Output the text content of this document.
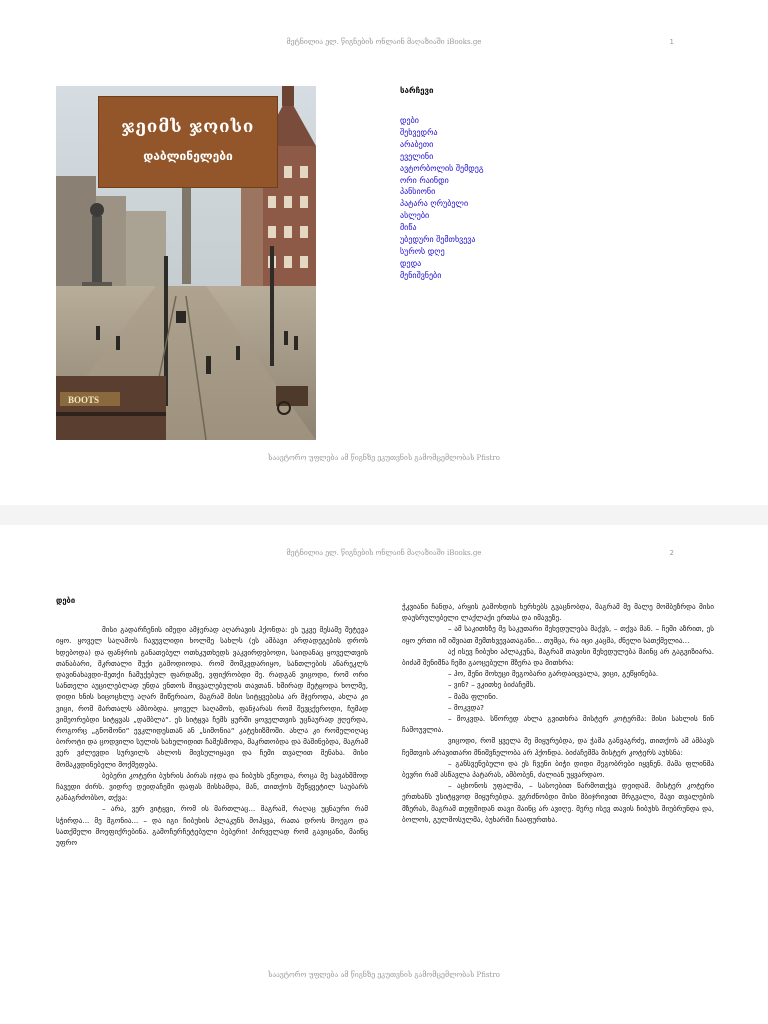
მეტნილია ელ. წიგნების ონლაინ მაღაზიაში iBooks.ge	1
BOOTS
ჯეიმს ჯოისი
დაბლინელები
სარჩევი
დები
შეხვედრა
არაბეთი
ეველინი
ავტორბოლის შემდეგ
ორი რაინდი
პანსიონი
პატარა ღრუბელი
ასლები
მიწა
უბედური შემთხვევა
სუროს დღე
დედა
მენიშვნები
საავტორო უფლება ამ წიგნზე ეკუთვნის გამომცემლობას Pfistro
მეტნილია ელ. წიგნების ონლაინ მაღაზიაში iBooks.ge	2
დები

მისი გადარჩენის იმედი ამჯერად აღარავის ჰქონდა: ეს უკვე მესამე შეტევა იყო. ყოველ საღამოს ჩავუვლიდი ხოლმე სახლს (ეს ამბავი არდადეგების დროს ხდებოდა) და ფანჯრის განათებულ ოთხკუთხედს ვაკვირდებოდი, საიდანაც ყოველთვის თანაბარი, მკრთალი შუქი გამოდიოდა. რომ მომკვდარიყო, სანთლების ანარეკლს დავინახავდი-მეთქი ჩამუქებულ ფარდაზე, ვფიქრობდი მე. რადგან ვიცოდი, რომ ორი სანთელი აუცილებლად უნდა ენთოს მიცვალებულის თავთან. ხშირად მეტყოდა ხოლმე, დიდი ხნის სიცოცხლე აღარ მიწერიაო, მაგრამ მისი სიტყვებისა არ მჯეროდა, ახლა კი ვიცი, რომ მართალს ამბობდა. ყოველ საღამოს, ფანჯარას რომ შევცქეროდი, ჩუმად ვიმეორებდი სიტყვას „დამბლა“. ეს სიტყვა ჩემს ყურში ყოველთვის უცნაურად ჟღერდა, როგორც „გნომონი“ ევკლიდესთან ან „სიმონია“ კატეხიზმოში. ახლა კი რომელიღაც ბოროტი და ცოდვილი სულის სახელიდით ჩამესმოდა, მაკრთობდა და მაშინებდა, მაგრამ ვერ ვძლევდი სურვილს ახლოს მივსულიყავი და ჩემი თვალით მენახა. მისი მომაკვდინებელი მოქმედება.

ბებერი კოტერი ბუხრის პირას იჯდა და ჩიბუხს ეწეოდა, როცა მე სავახშმოდ ჩავედი ძირს. ვიდრე დეიდაჩემი ფაფას მისხამდა, მან, თითქოს შეწყვეტილ საუბარს განაგრძობსო, თქვა:

– არა, ვერ ვიტყვი, რომ ის მართლაც... მაგრამ, რაღაც უცნაური რამ სჭირდა... მე მგონია... – და იგი ჩიბუხის პლაკუნს მოჰყვა, რათა დროს მოეგო და სათქმელი მოეფიქრებინა. გამოჩერჩეტებული ბებერი! პირველად რომ გავიცანი, მაინც უფრო

ჭკვიანი ჩანდა, არყის გამოხდის ხერხებს გვაცნობდა, მაგრამ მე მალე მომბეზრდა მისი დაუსრულებელი ლაქლაქი ერთსა და იმავეზე.

– ამ საკითხზე მე საკუთარი შეხედულება მაქვს, – თქვა მან. – ჩემი აზრით, ეს იყო ერთი იმ იშვიათ შემთხვევათაგანი... თუმცა, რა იცი კაცმა, ძნელი სათქმელია...

აქ ისევ ჩიბუხი აპლაკუნა, მაგრამ თავისი შეხედულება მაინც არ გაგვიზიარა. ბიძამ შენიშნა ჩემი გაოცებული მზერა და მითხრა:

– ჰო, შენი მოხუცი მეგობარი გარდაიცვალა, ვიცი, გეწყინება.

– ვინ? – ვკითხე ბიძაჩემს.

– მამა ფლინი.

– მოკვდა?

– მოკვდა. სწორედ ახლა გვითხრა მისტერ კოტერმა: მისი სახლის წინ ჩამოუვლია.

ვიცოდი, რომ ყველა მე მიყურებდა, და ჭამა განვაგრძე, თითქოს ამ ამბავს ჩემთვის არავითარი მნიშვნელობა არ ჰქონდა. ბიძაჩემმა მისტერ კოტერს აუხსნა:

– განსვენებული და ეს ჩვენი ბიჭი დიდი მეგობრები იყვნენ. მამა ფლინმა ბევრი რამ ასწავლა პატარას, ამბობენ, ძალიან უყვარდაო.

– აცხონოს უფალმა, – სასოებით წარმოთქვა დეიდამ. მისტერ კოტერი ერთხანს უსიტყვოდ მიყურებდა. ვგრძნობდი მისი მბიჯრივით მრგვალი, შავი თვალების მზერას, მაგრამ თეფშიდან თავი მაინც არ ავიღე. მერე ისევ თავის ჩიბუხს მიუბრუნდა და, ბოლოს, გულმოსულმა, ბუხარში ჩააფურთხა.

საავტორო უფლება ამ წიგნზე ეკუთვნის გამომცემლობას Pfistro
